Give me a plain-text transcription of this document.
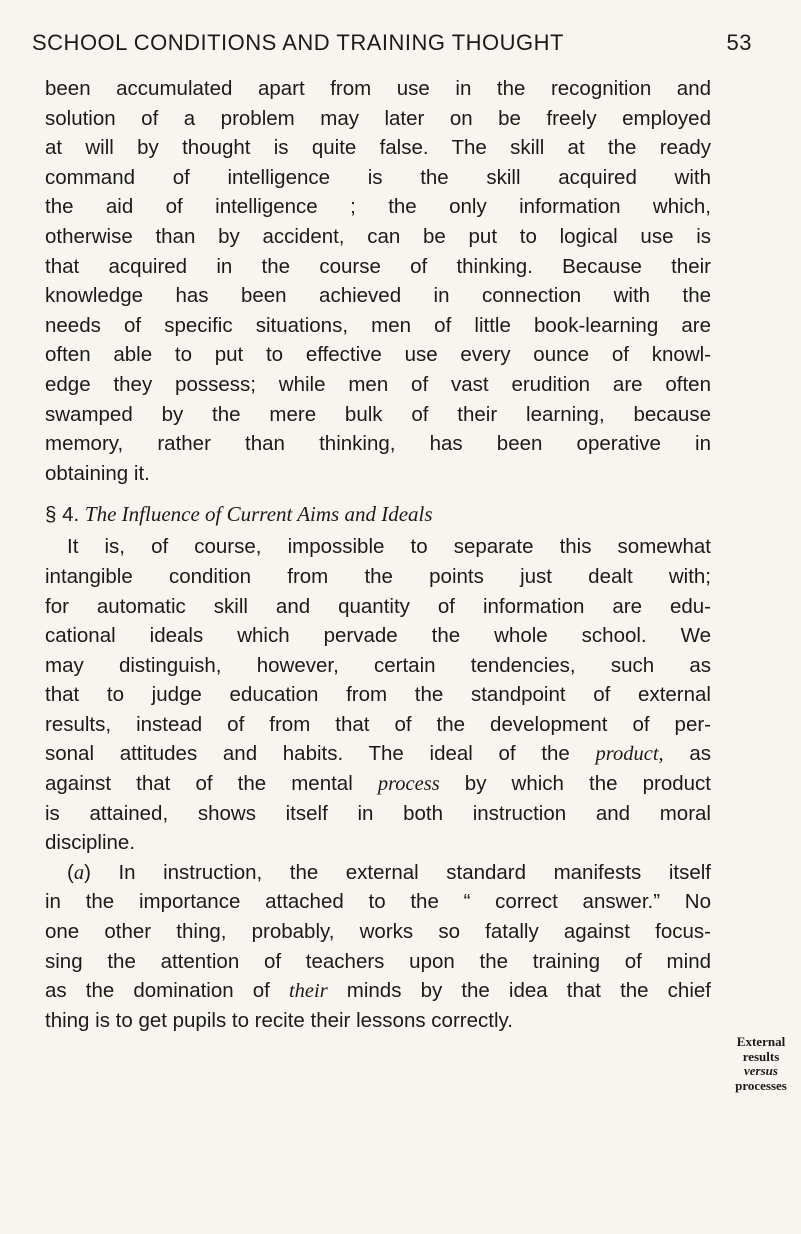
SCHOOL CONDITIONS AND TRAINING THOUGHT	53
been accumulated apart from use in the recognition and
solution of a problem may later on be freely employed
at will by thought is quite false. The skill at the ready
command of intelligence is the skill acquired with
the aid of intelligence ; the only information which,
otherwise than by accident, can be put to logical use is
that acquired in the course of thinking. Because their
knowledge has been achieved in connection with the
needs of specific situations, men of little book-learning are
often able to put to effective use every ounce of knowl-
edge they possess; while men of vast erudition are often
swamped by the mere bulk of their learning, because
memory, rather than thinking, has been operative in
obtaining it.
§ 4. The Influence of Current Aims and Ideals
It is, of course, impossible to separate this somewhat
intangible condition from the points just dealt with;
for automatic skill and quantity of information are edu-
cational ideals which pervade the whole school. We
may distinguish, however, certain tendencies, such as
that to judge education from the standpoint of external
results, instead of from that of the development of per-
sonal attitudes and habits. The ideal of the product, as
against that of the mental process by which the product
is attained, shows itself in both instruction and moral
discipline.
(a) In instruction, the external standard manifests itself
in the importance attached to the “ correct answer.” No
one other thing, probably, works so fatally against focus-
sing the attention of teachers upon the training of mind
as the domination of their minds by the idea that the chief
thing is to get pupils to recite their lessons correctly.
External
results
versus
processes
